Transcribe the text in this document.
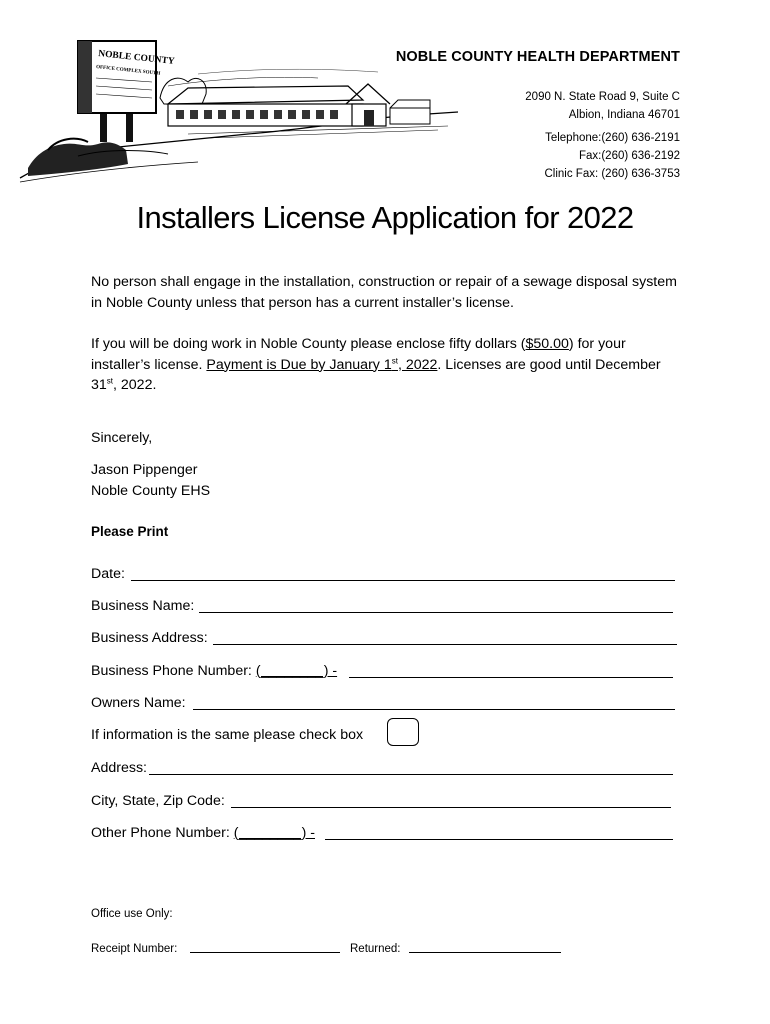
NOBLE COUNTY
OFFICE COMPLEX SOUTH
NOBLE COUNTY HEALTH DEPARTMENT
2090 N. State Road 9, Suite C
Albion, Indiana 46701
Telephone:(260) 636-2191
Fax:(260) 636-2192
Clinic Fax: (260) 636-3753
Installers License Application for 2022
No person shall engage in the installation, construction or repair of a sewage disposal system in Noble County unless that person has a current installer’s license.
If you will be doing work in Noble County please enclose fifty dollars ($50.00) for your installer’s license. Payment is Due by January 1st, 2022. Licenses are good until December 31st, 2022.
Sincerely,
Jason Pippenger
Noble County EHS
Please Print
Date:
Business Name:
Business Address:
Business Phone Number: (________) -
Owners Name:
If information is the same please check box
Address:
City, State, Zip Code:
Other Phone Number: (________) -
Office use Only:
Receipt Number:	Returned:
